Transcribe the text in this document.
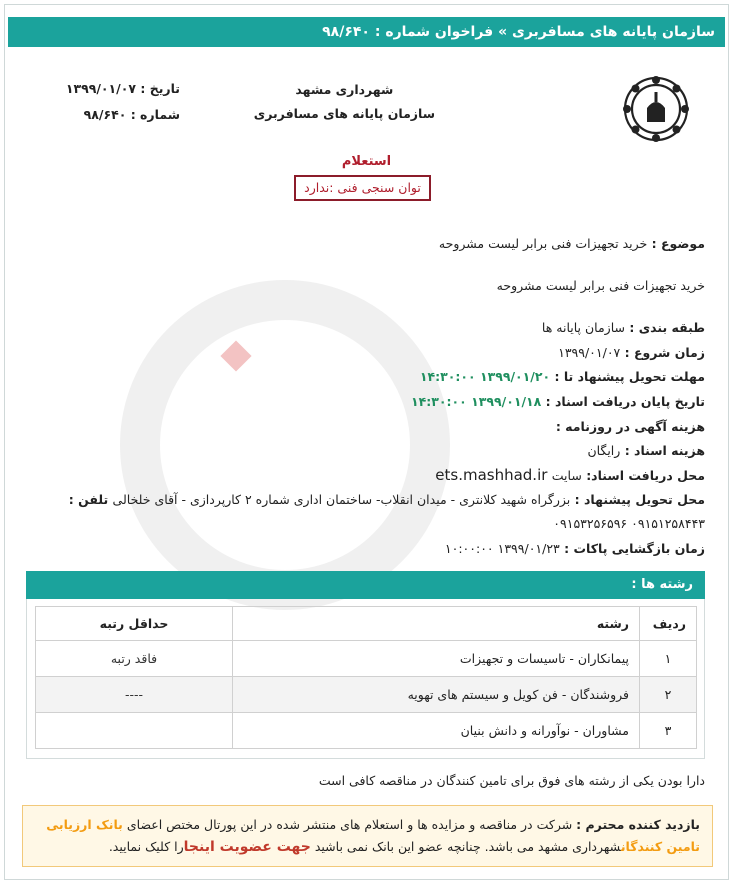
سازمان پایانه های مسافربری » فراخوان شماره : ۹۸/۶۴۰
شهرداری مشهد
سازمان پایانه های مسافربری
تاریخ : ۱۳۹۹/۰۱/۰۷
شماره : ۹۸/۶۴۰
استعلام
توان سنجی فنی :ندارد
موضوع : خرید تجهیزات فنی برابر لیست مشروحه
خرید تجهیزات فنی برابر لیست مشروحه
طبقه بندی : سازمان پایانه ها
زمان شروع : ۱۳۹۹/۰۱/۰۷
مهلت تحویل پیشنهاد تا : ۱۳۹۹/۰۱/۲۰ ۱۴:۳۰:۰۰
تاریخ پایان دریافت اسناد : ۱۳۹۹/۰۱/۱۸ ۱۴:۳۰:۰۰
هزینه آگهی در روزنامه :
هزینه اسناد : رایگان
محل دریافت اسناد: سایت ets.mashhad.ir
محل تحویل پیشنهاد : بزرگراه شهید کلانتری - میدان انقلاب- ساختمان اداری شماره ۲ کارپردازی - آقای خلخالی تلفن :
۰۹۱۵۱۲۵۸۴۴۳ ۰۹۱۵۳۲۵۶۵۹۶
زمان بازگشایی پاکات : ۱۳۹۹/۰۱/۲۳ ۱۰:۰۰:۰۰
رشته ها :
ردیف	رشته	حداقل رتبه
۱	پیمانکاران - تاسیسات و تجهیزات	فاقد رتبه
۲	فروشندگان - فن کویل و سیستم های تهویه	----
۳	مشاوران - نوآورانه و دانش بنیان	
دارا بودن یکی از رشته های فوق برای تامین کنندگان در مناقصه کافی است
بازدید کننده محترم : شرکت در مناقصه و مزایده ها و استعلام های منتشر شده در این پورتال مختص اعضای بانک ارزیابی تامین کنندگانشهرداری مشهد می باشد. چنانچه عضو این بانک نمی باشید جهت عضویت اینجارا کلیک نمایید.
